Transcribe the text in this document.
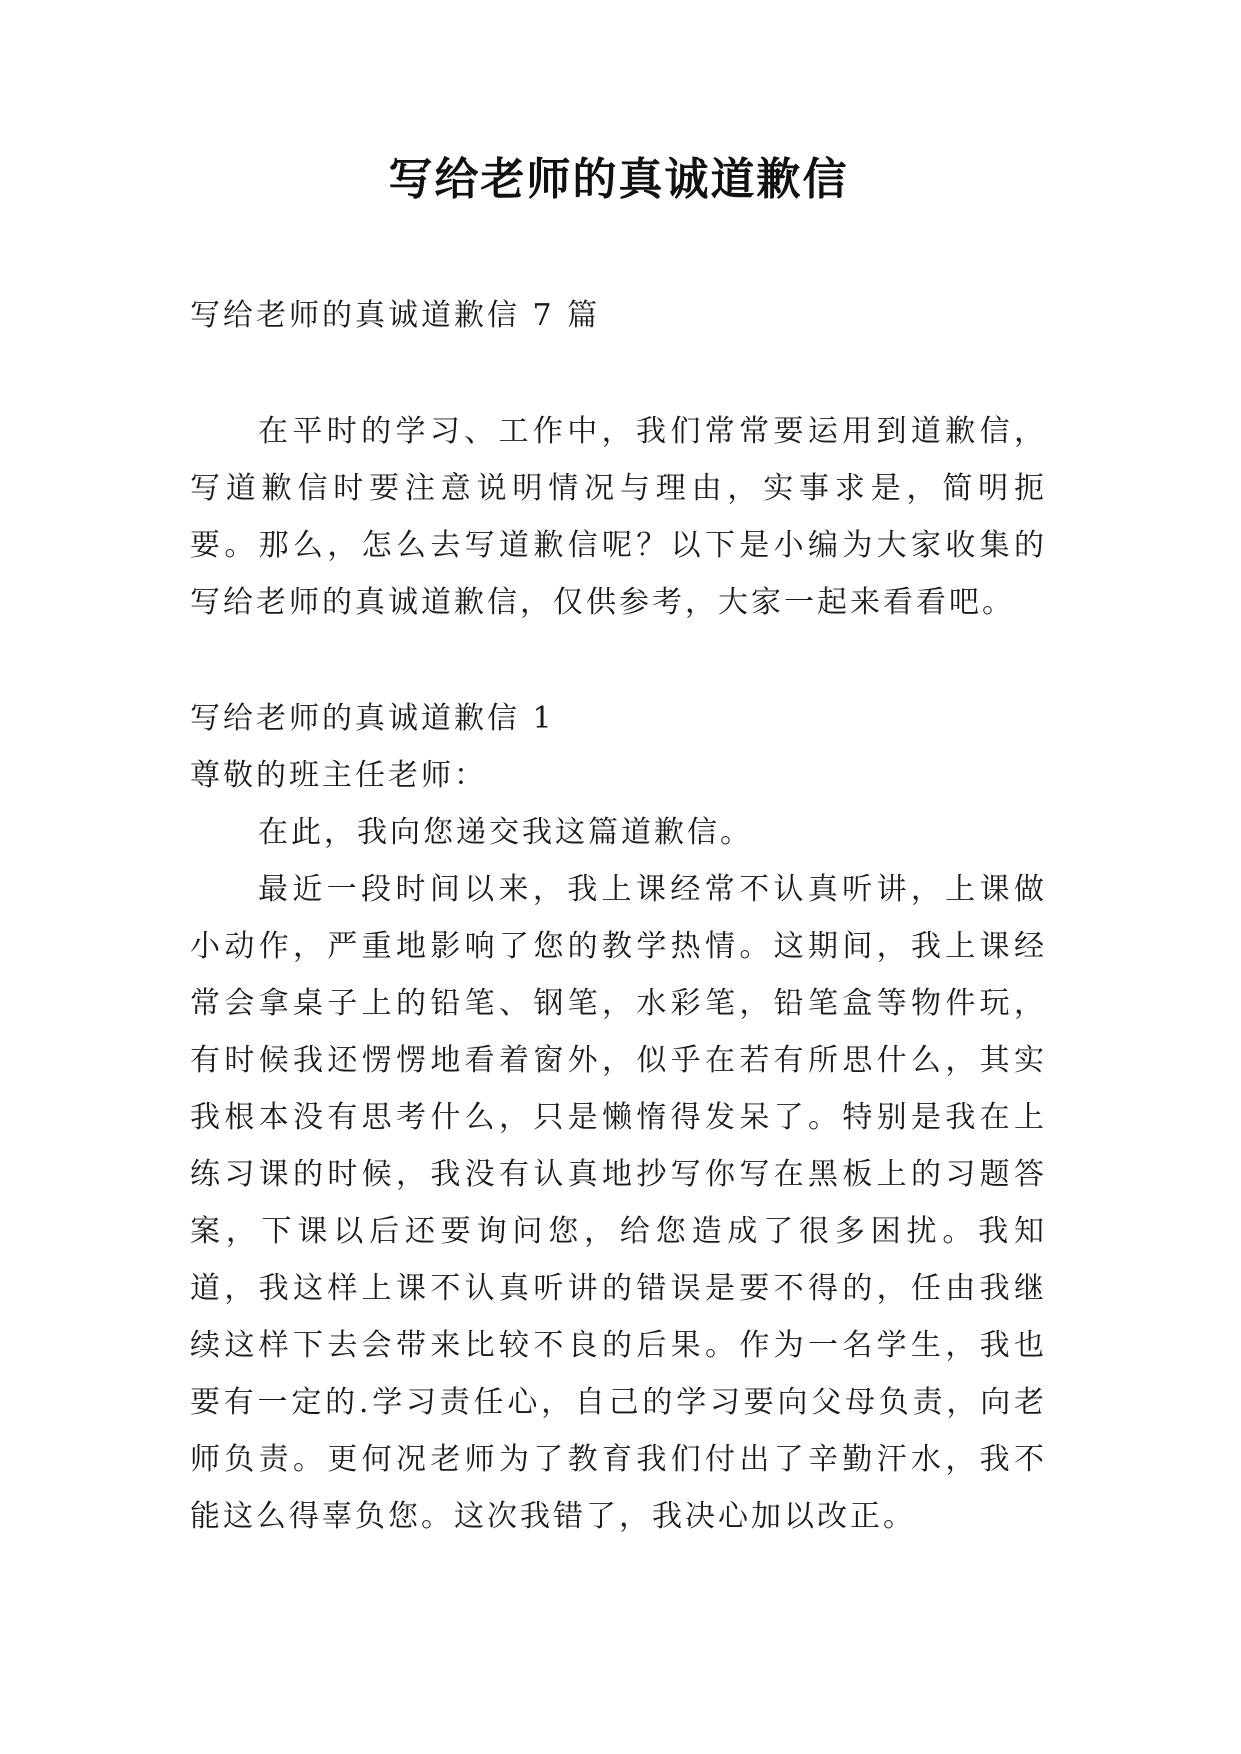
写给老师的真诚道歉信

写给老师的真诚道歉信 7 篇

在平时的学习、工作中，我们常常要运用到道歉信，写道歉信时要注意说明情况与理由，实事求是，简明扼要。那么，怎么去写道歉信呢？以下是小编为大家收集的写给老师的真诚道歉信，仅供参考，大家一起来看看吧。

写给老师的真诚道歉信 1

尊敬的班主任老师：

在此，我向您递交我这篇道歉信。

最近一段时间以来，我上课经常不认真听讲，上课做小动作，严重地影响了您的教学热情。这期间，我上课经常会拿桌子上的铅笔、钢笔，水彩笔，铅笔盒等物件玩，有时候我还愣愣地看着窗外，似乎在若有所思什么，其实我根本没有思考什么，只是懒惰得发呆了。特别是我在上练习课的时候，我没有认真地抄写你写在黑板上的习题答案，下课以后还要询问您，给您造成了很多困扰。我知道，我这样上课不认真听讲的错误是要不得的，任由我继续这样下去会带来比较不良的后果。作为一名学生，我也要有一定的.学习责任心，自己的学习要向父母负责，向老师负责。更何况老师为了教育我们付出了辛勤汗水，我不能这么得辜负您。这次我错了，我决心加以改正。
